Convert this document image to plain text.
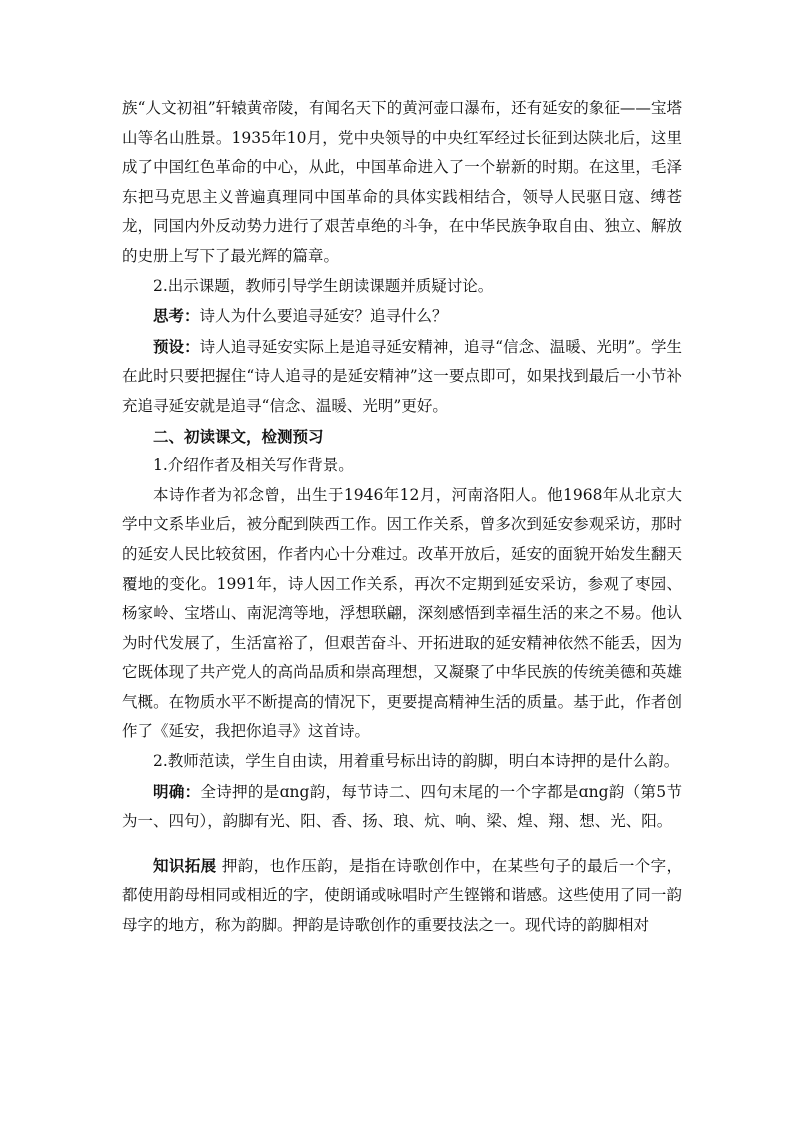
族“人文初祖”轩辕黄帝陵，有闻名天下的黄河壶口瀑布，还有延安的象征——宝塔山等名山胜景。1935年10月，党中央领导的中央红军经过长征到达陕北后，这里成了中国红色革命的中心，从此，中国革命进入了一个崭新的时期。在这里，毛泽东把马克思主义普遍真理同中国革命的具体实践相结合，领导人民驱日寇、缚苍龙，同国内外反动势力进行了艰苦卓绝的斗争，在中华民族争取自由、独立、解放的史册上写下了最光辉的篇章。

2.出示课题，教师引导学生朗读课题并质疑讨论。

思考：诗人为什么要追寻延安？追寻什么？

预设：诗人追寻延安实际上是追寻延安精神，追寻“信念、温暖、光明”。学生在此时只要把握住“诗人追寻的是延安精神”这一要点即可，如果找到最后一小节补充追寻延安就是追寻“信念、温暖、光明”更好。

二、初读课文，检测预习

1.介绍作者及相关写作背景。

本诗作者为祁念曾，出生于1946年12月，河南洛阳人。他1968年从北京大学中文系毕业后，被分配到陕西工作。因工作关系，曾多次到延安参观采访，那时的延安人民比较贫困，作者内心十分难过。改革开放后，延安的面貌开始发生翻天覆地的变化。1991年，诗人因工作关系，再次不定期到延安采访，参观了枣园、杨家岭、宝塔山、南泥湾等地，浮想联翩，深刻感悟到幸福生活的来之不易。他认为时代发展了，生活富裕了，但艰苦奋斗、开拓进取的延安精神依然不能丢，因为它既体现了共产党人的高尚品质和崇高理想，又凝聚了中华民族的传统美德和英雄气概。在物质水平不断提高的情况下，更要提高精神生活的质量。基于此，作者创作了《延安，我把你追寻》这首诗。

2.教师范读，学生自由读，用着重号标出诗的韵脚，明白本诗押的是什么韵。

明确：全诗押的是ɑng韵，每节诗二、四句末尾的一个字都是ɑng韵（第5节为一、四句），韵脚有光、阳、香、扬、琅、炕、响、梁、煌、翔、想、光、阳。

知识拓展 押韵，也作压韵，是指在诗歌创作中，在某些句子的最后一个字，都使用韵母相同或相近的字，使朗诵或咏唱时产生铿锵和谐感。这些使用了同一韵母字的地方，称为韵脚。押韵是诗歌创作的重要技法之一。现代诗的韵脚相对
